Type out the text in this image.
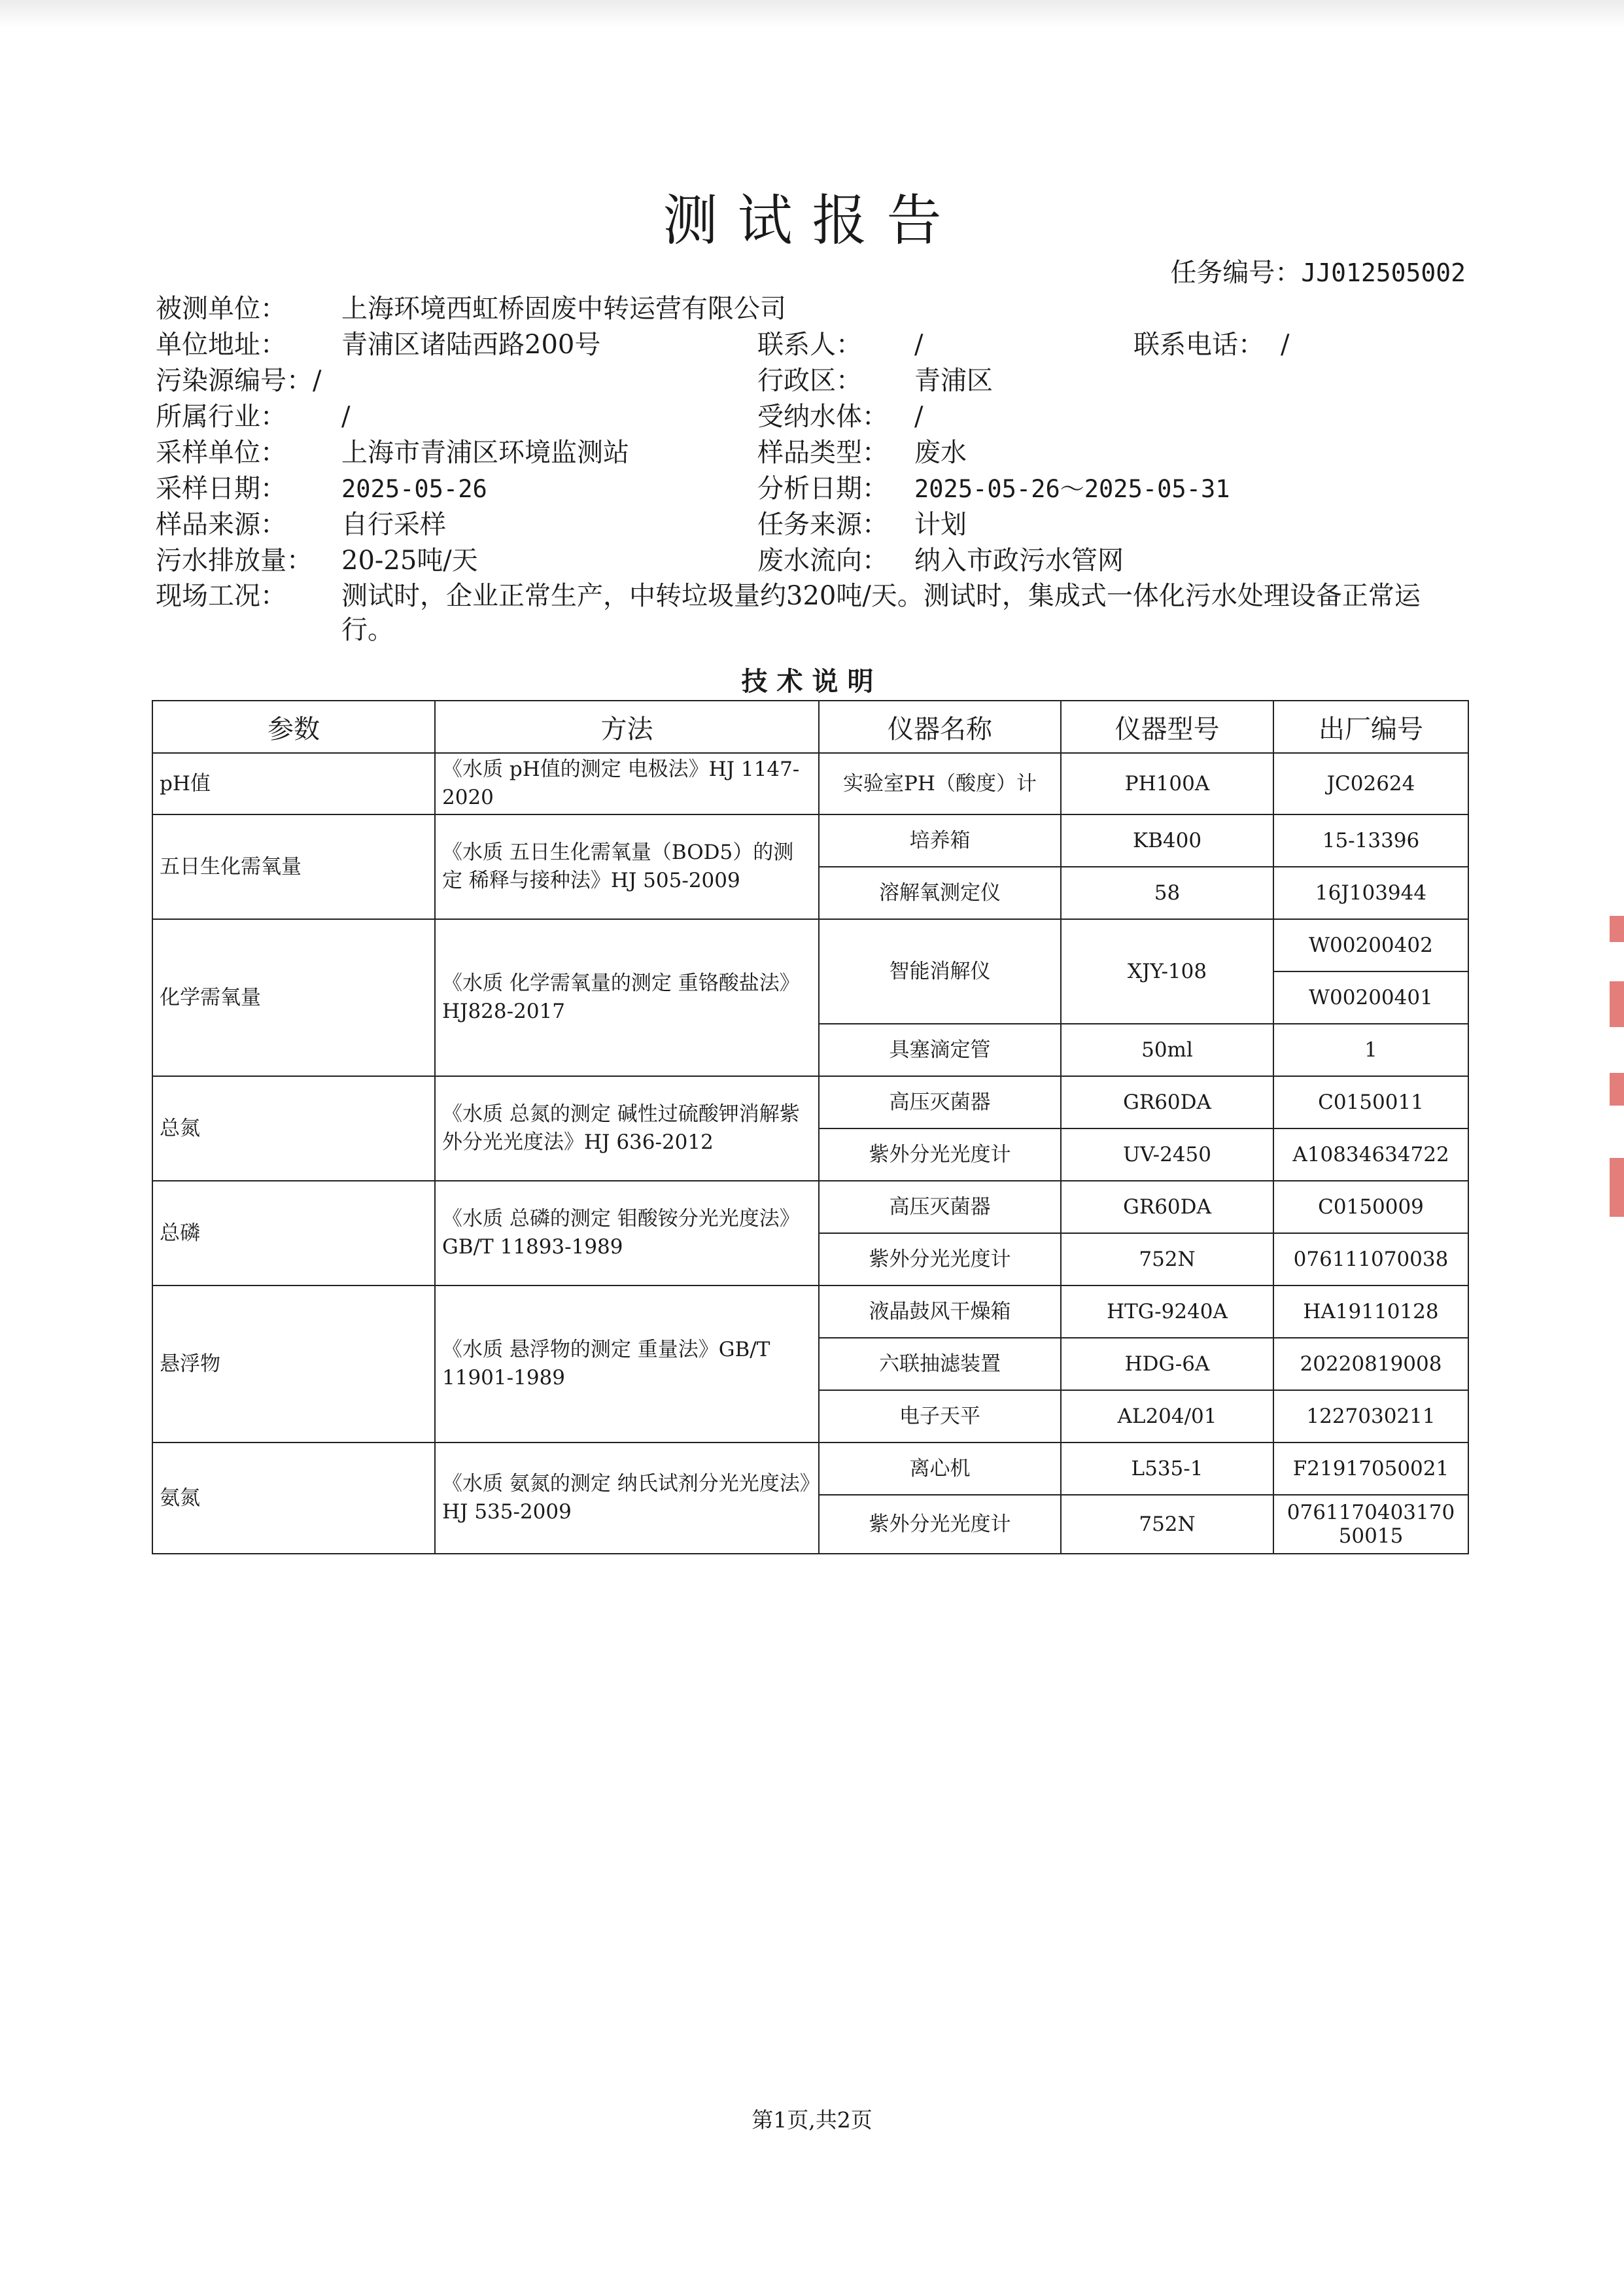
测试报告
任务编号：JJ012505002
被测单位： 上海环境西虹桥固废中转运营有限公司
单位地址： 青浦区诸陆西路200号	联系人： /	联系电话： /
污染源编号：/	行政区： 青浦区
所属行业： /	受纳水体： /
采样单位： 上海市青浦区环境监测站	样品类型： 废水
采样日期： 2025-05-26	分析日期： 2025-05-26～2025-05-31
样品来源： 自行采样	任务来源： 计划
污水排放量： 20-25吨/天	废水流向： 纳入市政污水管网
现场工况： 测试时，企业正常生产，中转垃圾量约320吨/天。测试时，集成式一体化污水处理设备正常运行。
技术说明
参数	方法	仪器名称	仪器型号	出厂编号
pH值	《水质 pH值的测定 电极法》HJ 1147-2020	实验室PH（酸度）计	PH100A	JC02624
五日生化需氧量	《水质 五日生化需氧量（BOD5）的测定 稀释与接种法》HJ 505-2009	培养箱	KB400	15-13396
		溶解氧测定仪	58	16J103944
化学需氧量	《水质 化学需氧量的测定 重铬酸盐法》HJ828-2017	智能消解仪	XJY-108	W00200402
				W00200401
		具塞滴定管	50ml	1
总氮	《水质 总氮的测定 碱性过硫酸钾消解紫外分光光度法》HJ 636-2012	高压灭菌器	GR60DA	C0150011
		紫外分光光度计	UV-2450	A10834634722
总磷	《水质 总磷的测定 钼酸铵分光光度法》GB/T 11893-1989	高压灭菌器	GR60DA	C0150009
		紫外分光光度计	752N	076111070038
悬浮物	《水质 悬浮物的测定 重量法》GB/T 11901-1989	液晶鼓风干燥箱	HTG-9240A	HA19110128
		六联抽滤装置	HDG-6A	20220819008
		电子天平	AL204/01	1227030211
氨氮	《水质 氨氮的测定 纳氏试剂分光光度法》HJ 535-2009	离心机	L535-1	F21917050021
		紫外分光光度计	752N	076117040317050015
第1页,共2页
